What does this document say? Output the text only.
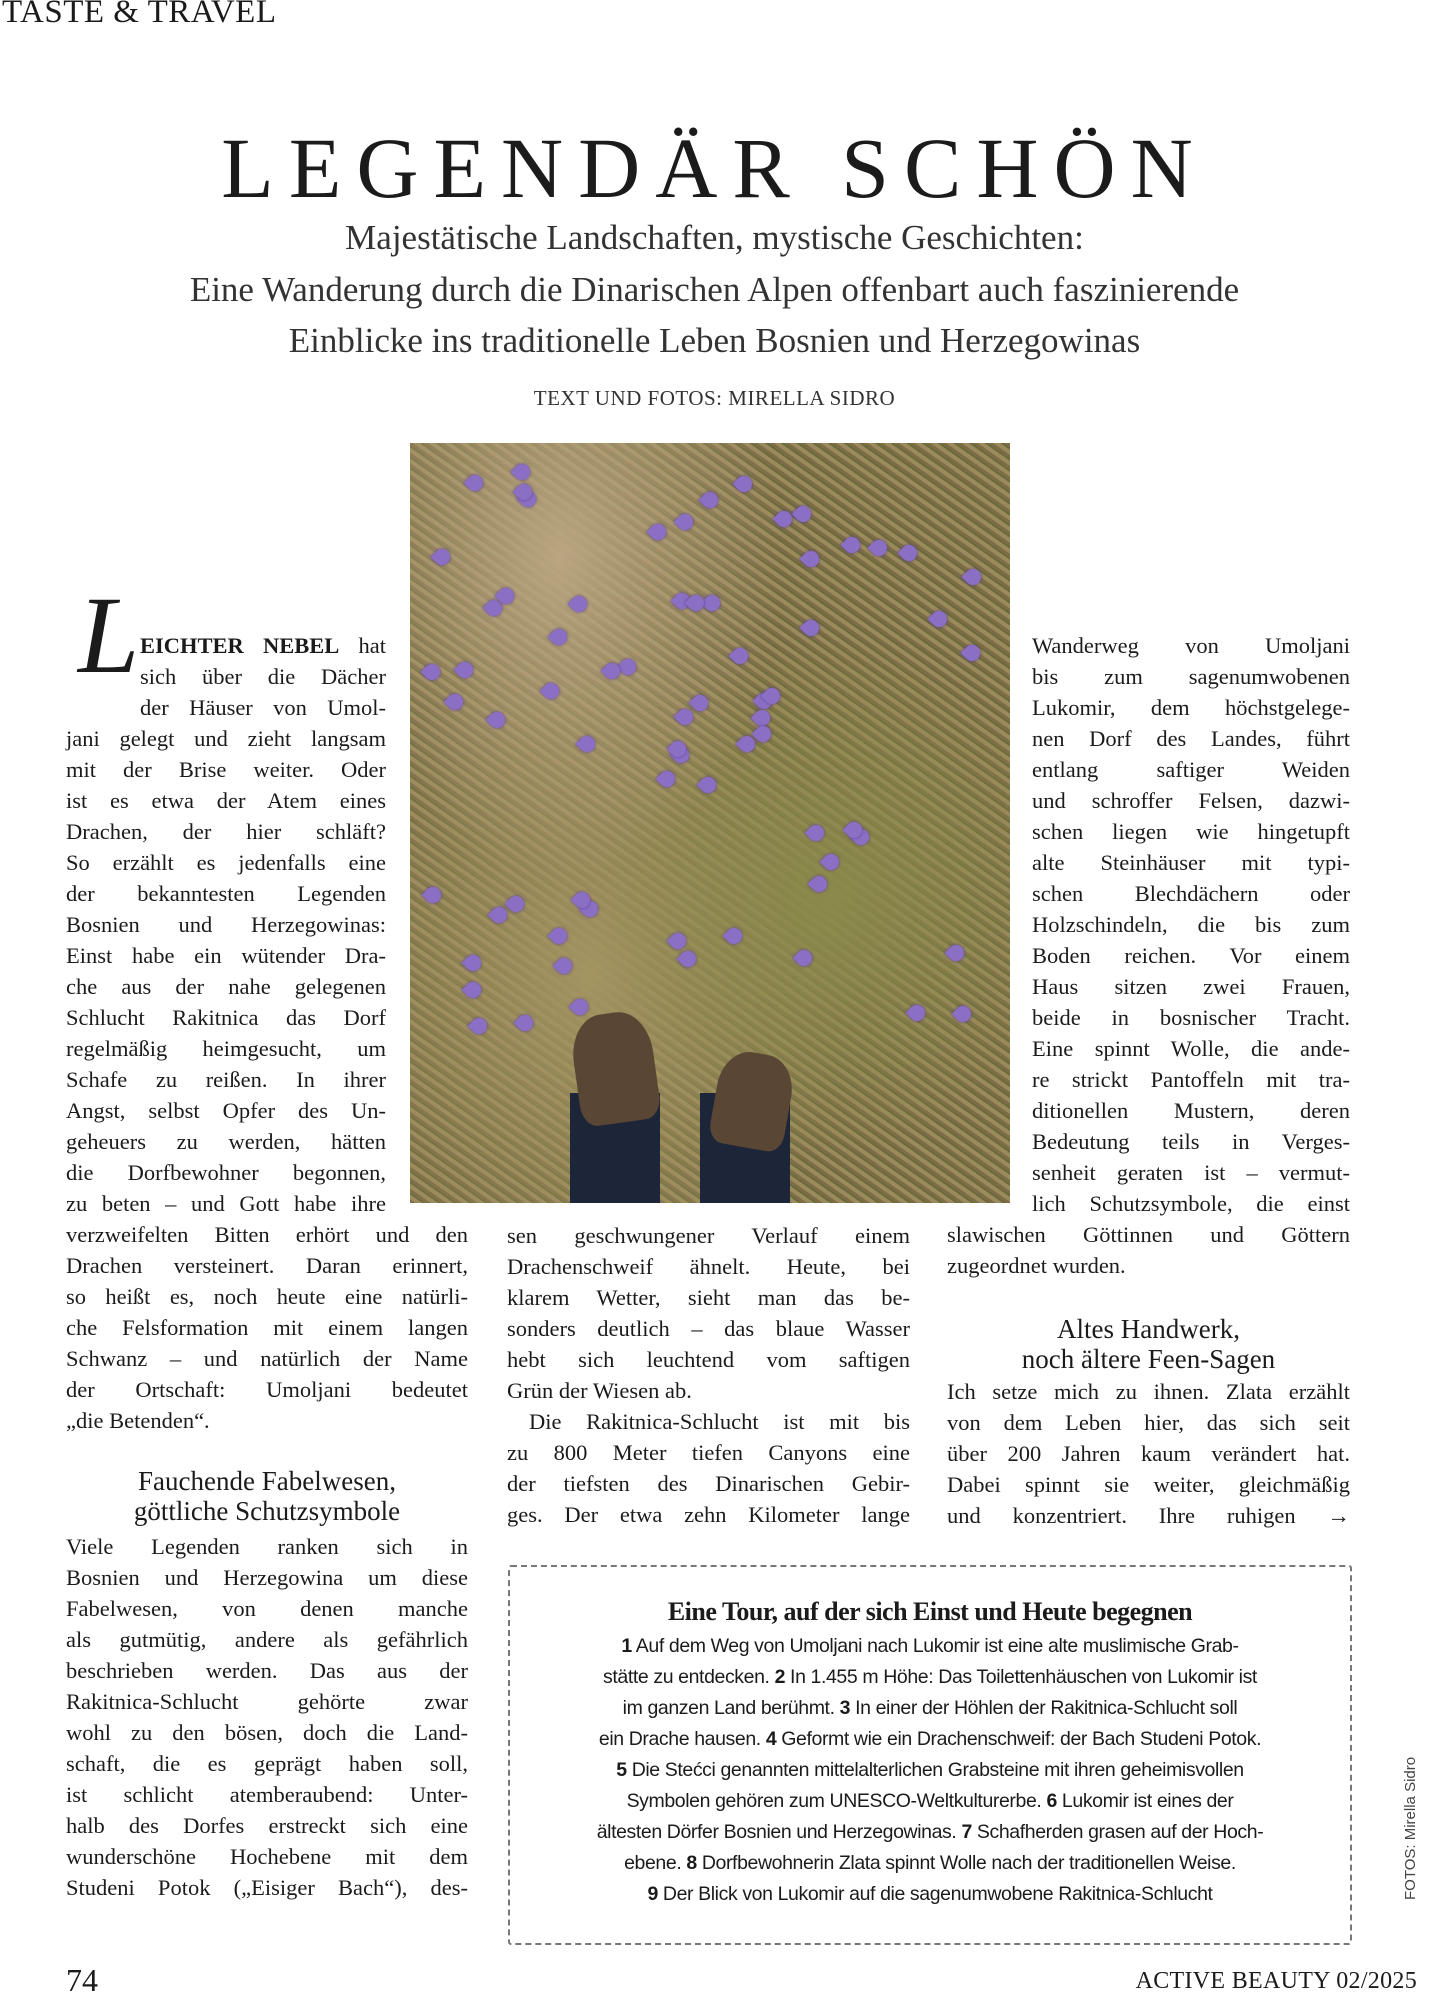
TASTE & TRAVEL
LEGENDÄR SCHÖN
Majestätische Landschaften, mystische Geschichten:
Eine Wanderung durch die Dinarischen Alpen offenbart auch faszinierende
Einblicke ins traditionelle Leben Bosnien und Herzegowinas
TEXT UND FOTOS: MIRELLA SIDRO
L EICHTER NEBEL hat
sich über die Dächer
der Häuser von Umol-
jani gelegt und zieht langsam
mit der Brise weiter. Oder
ist es etwa der Atem eines
Drachen, der hier schläft?
So erzählt es jedenfalls eine
der bekanntesten Legenden
Bosnien und Herzegowinas:
Einst habe ein wütender Dra-
che aus der nahe gelegenen
Schlucht Rakitnica das Dorf
regelmäßig heimgesucht, um
Schafe zu reißen. In ihrer
Angst, selbst Opfer des Un-
geheuers zu werden, hätten
die Dorfbewohner begonnen,
zu beten – und Gott habe ihre
verzweifelten Bitten erhört und den
Drachen versteinert. Daran erinnert,
so heißt es, noch heute eine natürli-
che Felsformation mit einem langen
Schwanz – und natürlich der Name
der Ortschaft: Umoljani bedeutet
„die Betenden“.
Fauchende Fabelwesen,
göttliche Schutzsymbole
Viele Legenden ranken sich in
Bosnien und Herzegowina um diese
Fabelwesen, von denen manche
als gutmütig, andere als gefährlich
beschrieben werden. Das aus der
Rakitnica-Schlucht gehörte zwar
wohl zu den bösen, doch die Land-
schaft, die es geprägt haben soll,
ist schlicht atemberaubend: Unter-
halb des Dorfes erstreckt sich eine
wunderschöne Hochebene mit dem
Studeni Potok („Eisiger Bach“), des-
sen geschwungener Verlauf einem
Drachenschweif ähnelt. Heute, bei
klarem Wetter, sieht man das be-
sonders deutlich – das blaue Wasser
hebt sich leuchtend vom saftigen
Grün der Wiesen ab.
Die Rakitnica-Schlucht ist mit bis
zu 800 Meter tiefen Canyons eine
der tiefsten des Dinarischen Gebir-
ges. Der etwa zehn Kilometer lange
Wanderweg von Umoljani
bis zum sagenumwobenen
Lukomir, dem höchstgelege-
nen Dorf des Landes, führt
entlang saftiger Weiden
und schroffer Felsen, dazwi-
schen liegen wie hingetupft
alte Steinhäuser mit typi-
schen Blechdächern oder
Holzschindeln, die bis zum
Boden reichen. Vor einem
Haus sitzen zwei Frauen,
beide in bosnischer Tracht.
Eine spinnt Wolle, die ande-
re strickt Pantoffeln mit tra-
ditionellen Mustern, deren
Bedeutung teils in Verges-
senheit geraten ist – vermut-
lich Schutzsymbole, die einst
slawischen Göttinnen und Göttern
zugeordnet wurden.
Altes Handwerk,
noch ältere Feen-Sagen
Ich setze mich zu ihnen. Zlata erzählt
von dem Leben hier, das sich seit
über 200 Jahren kaum verändert hat.
Dabei spinnt sie weiter, gleichmäßig
und konzentriert. Ihre ruhigen →
Eine Tour, auf der sich Einst und Heute begegnen
1 Auf dem Weg von Umoljani nach Lukomir ist eine alte muslimische Grab-
stätte zu entdecken. 2 In 1.455 m Höhe: Das Toilettenhäuschen von Lukomir ist
im ganzen Land berühmt. 3 In einer der Höhlen der Rakitnica-Schlucht soll
ein Drache hausen. 4 Geformt wie ein Drachenschweif: der Bach Studeni Potok.
5 Die Stećci genannten mittelalterlichen Grabsteine mit ihren geheimisvollen
Symbolen gehören zum UNESCO-Weltkulturerbe. 6 Lukomir ist eines der
ältesten Dörfer Bosnien und Herzegowinas. 7 Schafherden grasen auf der Hoch-
ebene. 8 Dorfbewohnerin Zlata spinnt Wolle nach der traditionellen Weise.
9 Der Blick von Lukomir auf die sagenumwobene Rakitnica-Schlucht	FOTOS: Mirella Sidro
74	ACTIVE BEAUTY 02/2025
